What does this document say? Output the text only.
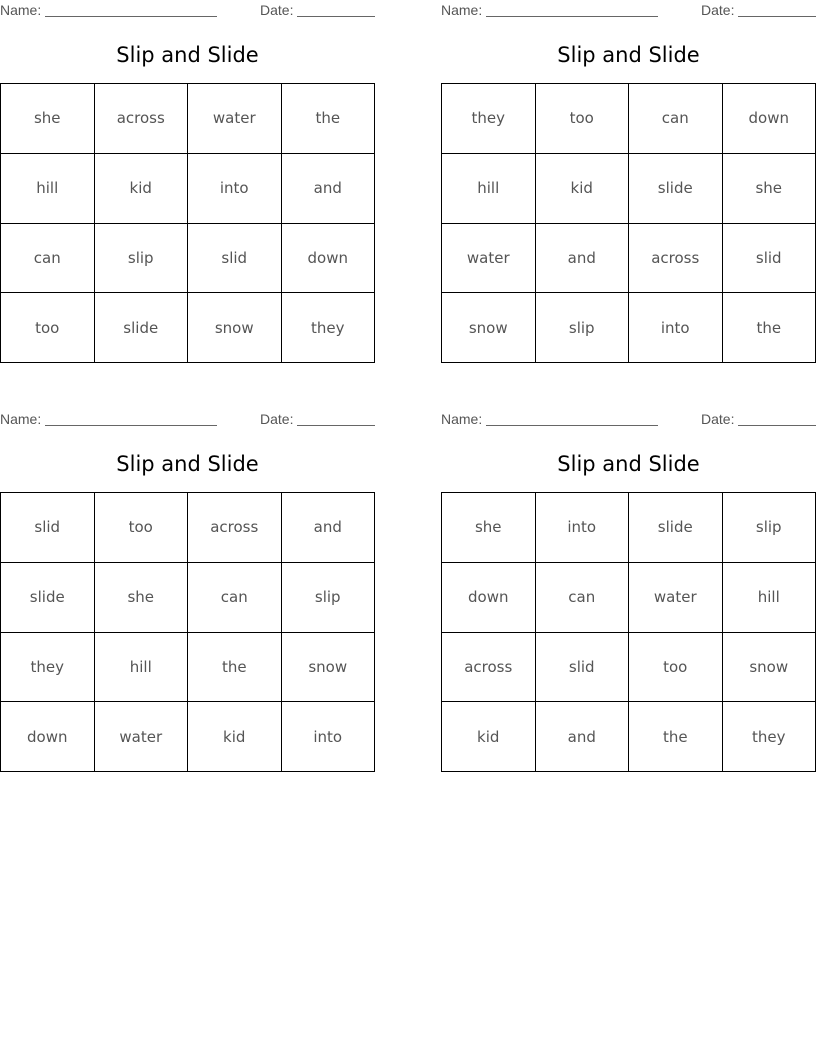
Name:	Date:
Slip and Slide
she	across	water	the
hill	kid	into	and
can	slip	slid	down
too	slide	snow	they
Name:	Date:
Slip and Slide
they	too	can	down
hill	kid	slide	she
water	and	across	slid
snow	slip	into	the
Name:	Date:
Slip and Slide
slid	too	across	and
slide	she	can	slip
they	hill	the	snow
down	water	kid	into
Name:	Date:
Slip and Slide
she	into	slide	slip
down	can	water	hill
across	slid	too	snow
kid	and	the	they
